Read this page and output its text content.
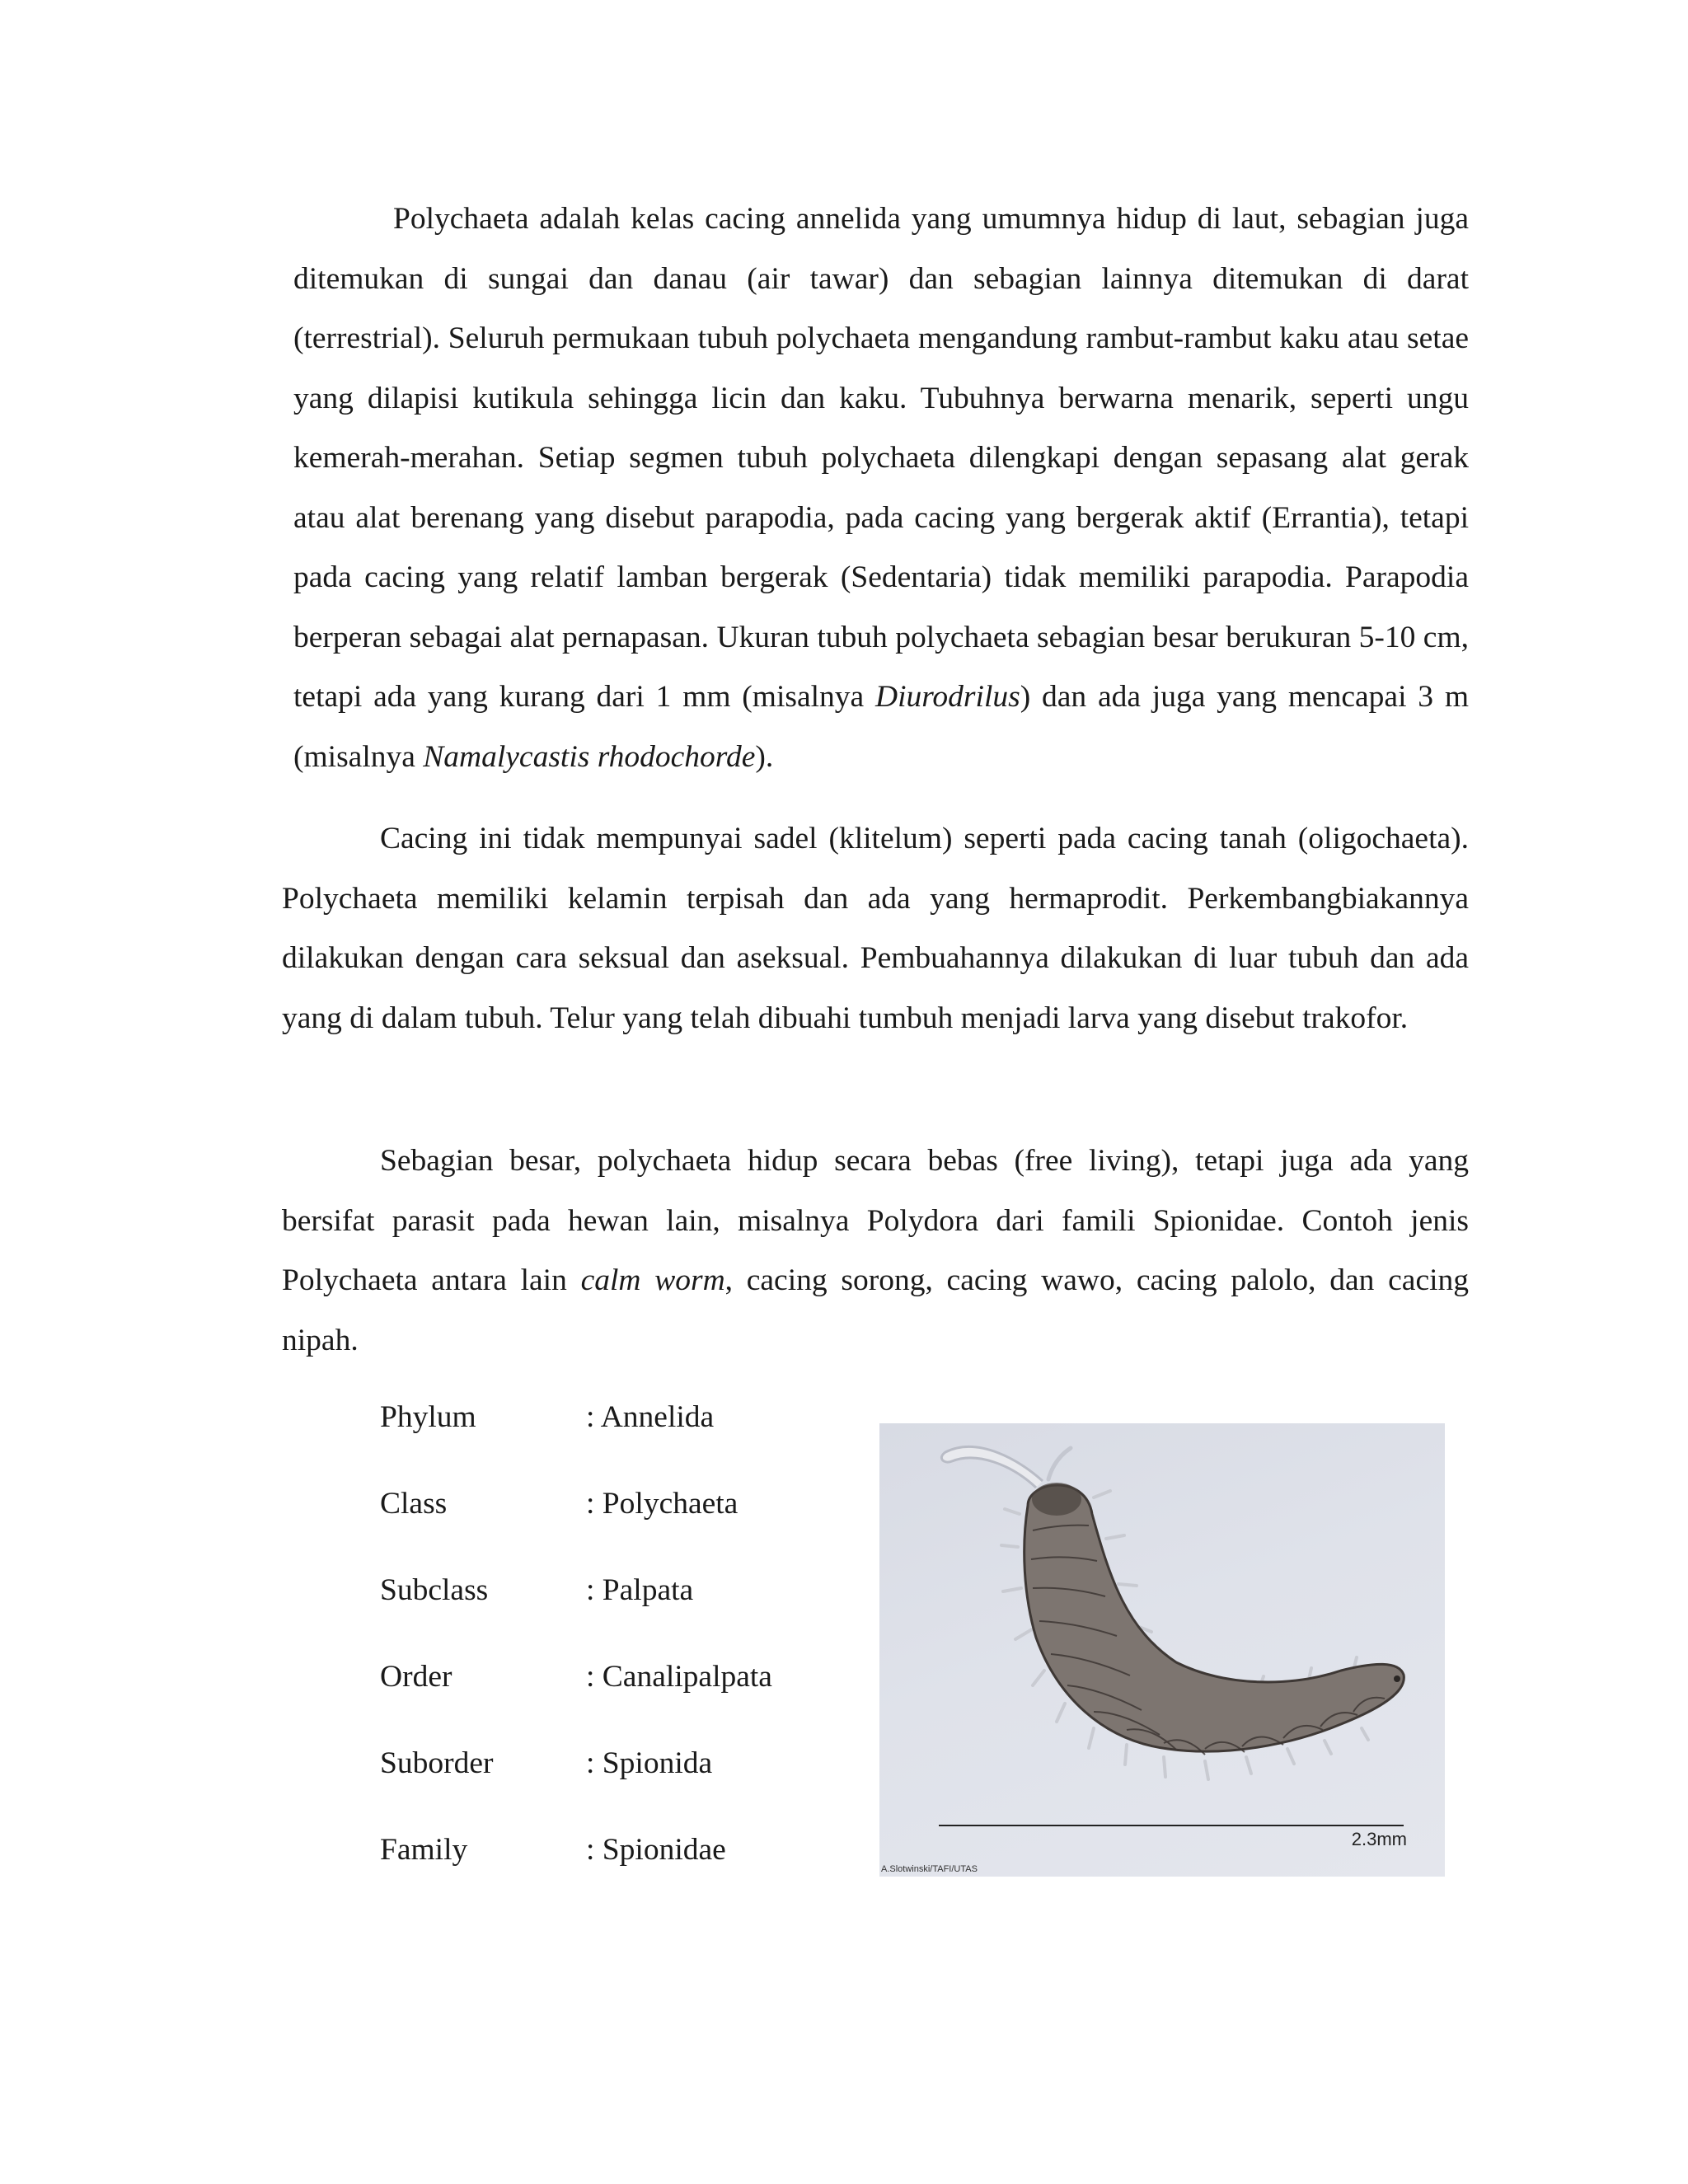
Polychaeta adalah kelas cacing annelida yang umumnya hidup di laut, sebagian juga ditemukan di sungai dan danau (air tawar) dan sebagian lainnya ditemukan di darat (terrestrial). Seluruh permukaan tubuh polychaeta mengandung rambut-rambut kaku atau setae yang dilapisi kutikula sehingga licin dan kaku. Tubuhnya berwarna menarik, seperti ungu kemerah-merahan. Setiap segmen tubuh polychaeta dilengkapi dengan sepasang alat gerak atau alat berenang yang disebut parapodia, pada cacing yang bergerak aktif (Errantia), tetapi pada cacing yang relatif lamban bergerak (Sedentaria) tidak memiliki parapodia. Parapodia berperan sebagai alat pernapasan. Ukuran tubuh polychaeta sebagian besar berukuran 5-10 cm, tetapi ada yang kurang dari 1 mm (misalnya Diurodrilus) dan ada juga yang mencapai 3 m (misalnya Namalycastis rhodochorde).

Cacing ini tidak mempunyai sadel (klitelum) seperti pada cacing tanah (oligochaeta). Polychaeta memiliki kelamin terpisah dan ada yang hermaprodit. Perkembangbiakannya dilakukan dengan cara seksual dan aseksual. Pembuahannya dilakukan di luar tubuh dan ada yang di dalam tubuh. Telur yang telah dibuahi tumbuh menjadi larva yang disebut trakofor.

Sebagian besar, polychaeta hidup secara bebas (free living), tetapi juga ada yang bersifat parasit pada hewan lain, misalnya Polydora dari famili Spionidae. Contoh jenis Polychaeta antara lain calm worm, cacing sorong, cacing wawo, cacing palolo, dan cacing nipah.

Phylum	: Annelida
Class	: Polychaeta
Subclass	: Palpata
Order	: Canalipalpata
Suborder	: Spionida
Family	: Spionidae	2.3mm
A.Slotwinski/TAFI/UTAS
